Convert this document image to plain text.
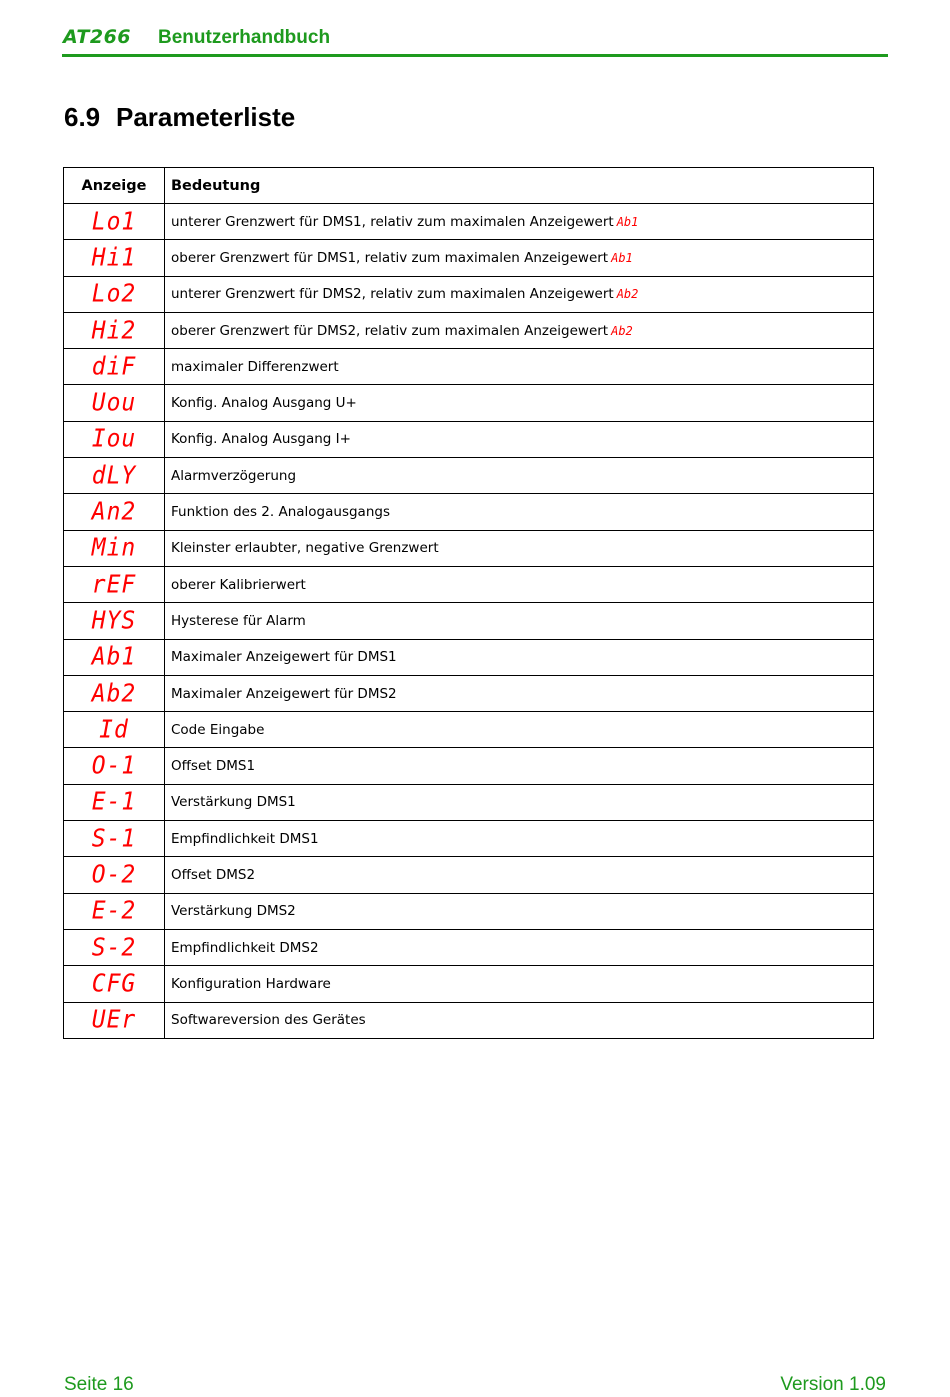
AT266 Benutzerhandbuch
6.9 Parameterliste
Anzeige	Bedeutung
Lo1	unterer Grenzwert für DMS1, relativ zum maximalen Anzeigewert Ab1
Hi1	oberer Grenzwert für DMS1, relativ zum maximalen Anzeigewert Ab1
Lo2	unterer Grenzwert für DMS2, relativ zum maximalen Anzeigewert Ab2
Hi2	oberer Grenzwert für DMS2, relativ zum maximalen Anzeigewert Ab2
diF	maximaler Differenzwert
Uou	Konfig. Analog Ausgang U+
Iou	Konfig. Analog Ausgang I+
dLY	Alarmverzögerung
An2	Funktion des 2. Analogausgangs
Min	Kleinster erlaubter, negative Grenzwert
rEF	oberer Kalibrierwert
HYS	Hysterese für Alarm
Ab1	Maximaler Anzeigewert für DMS1
Ab2	Maximaler Anzeigewert für DMS2
Id	Code Eingabe
O-1	Offset DMS1
E-1	Verstärkung DMS1
S-1	Empfindlichkeit DMS1
O-2	Offset DMS2
E-2	Verstärkung DMS2
S-2	Empfindlichkeit DMS2
CFG	Konfiguration Hardware
UEr	Softwareversion des Gerätes
Seite 16	Version 1.09
